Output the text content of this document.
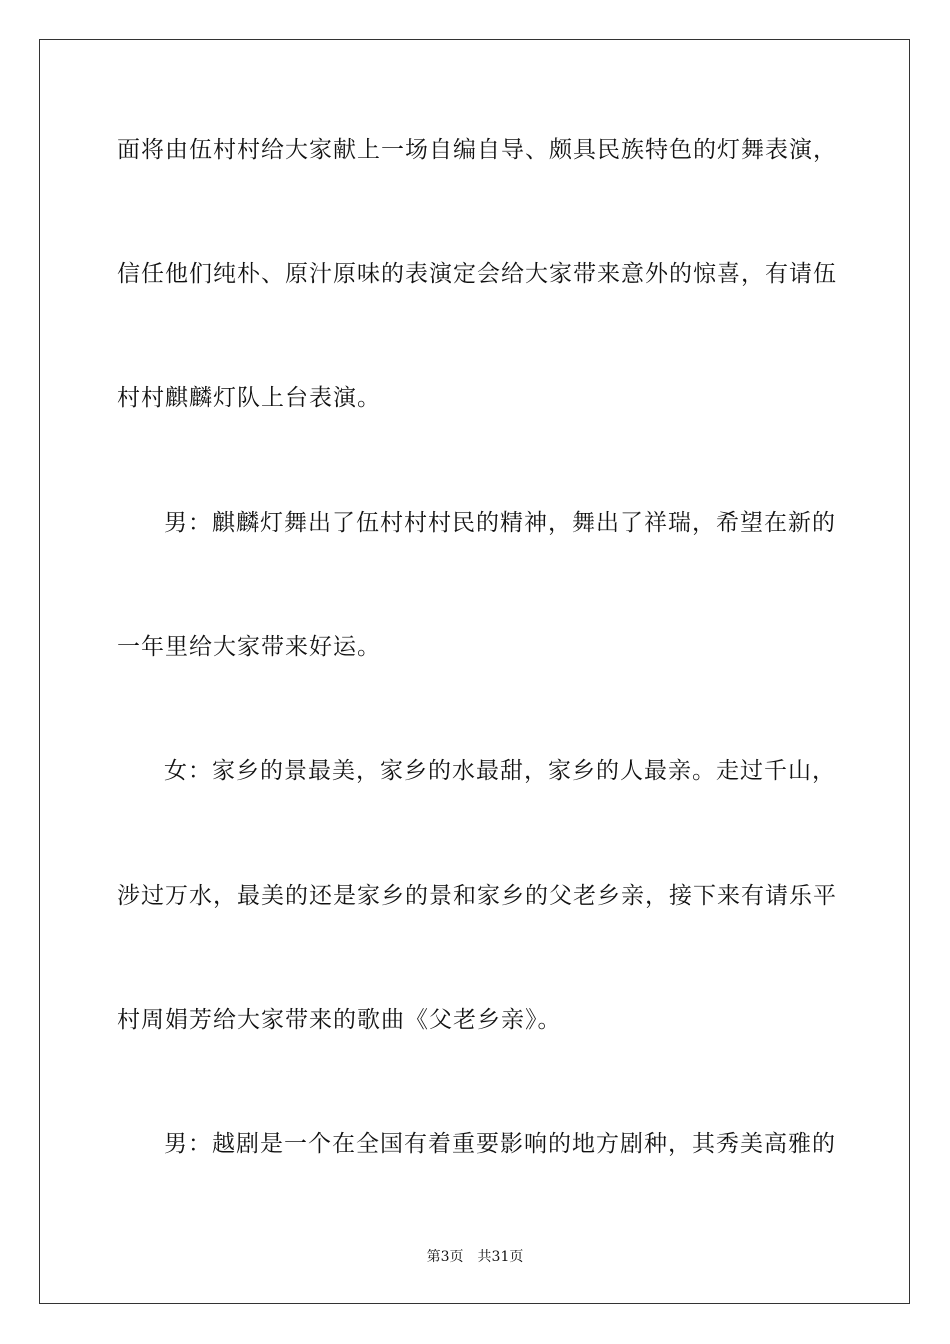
面将由伍村村给大家献上一场自编自导、颇具民族特色的灯舞表演，
信任他们纯朴、原汁原味的表演定会给大家带来意外的惊喜，有请伍
村村麒麟灯队上台表演。
男：麒麟灯舞出了伍村村村民的精神，舞出了祥瑞，希望在新的
一年里给大家带来好运。
女：家乡的景最美，家乡的水最甜，家乡的人最亲。走过千山，
涉过万水，最美的还是家乡的景和家乡的父老乡亲，接下来有请乐平
村周娟芳给大家带来的歌曲《父老乡亲》。
男：越剧是一个在全国有着重要影响的地方剧种，其秀美高雅的
第3页 共31页
